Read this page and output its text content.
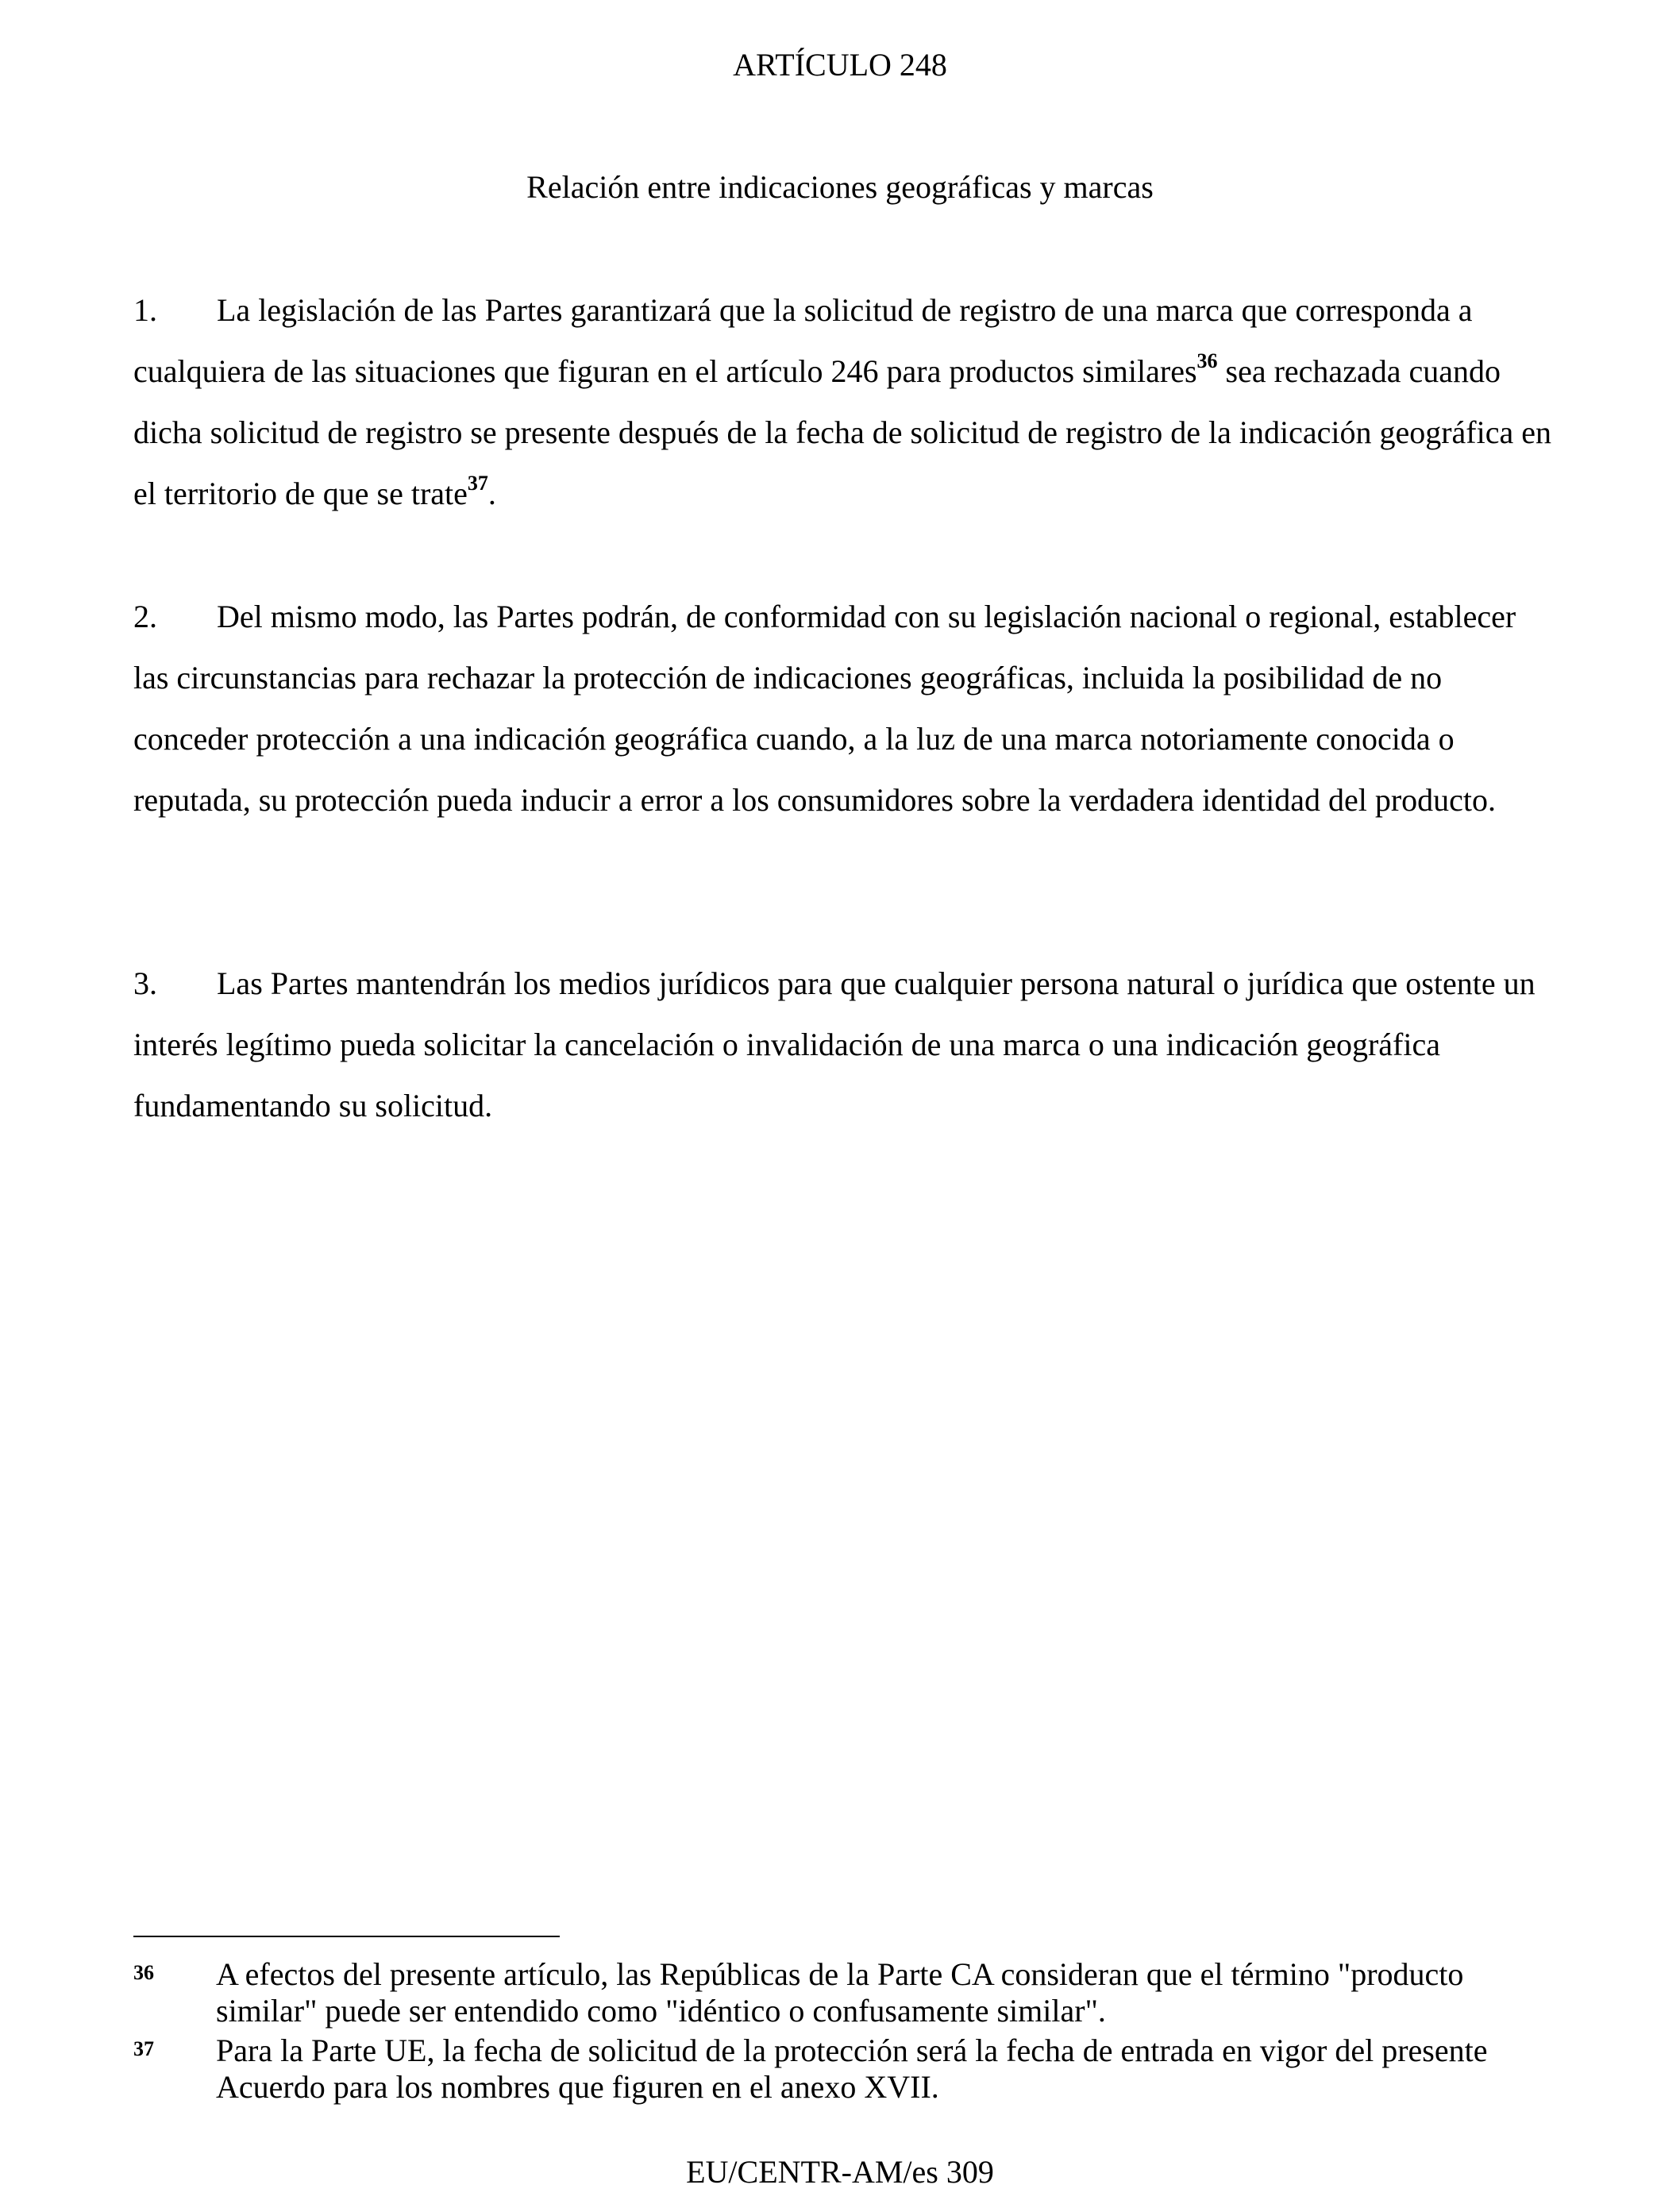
ARTÍCULO 248
Relación entre indicaciones geográficas y marcas

1. La legislación de las Partes garantizará que la solicitud de registro de una marca que corresponda a cualquiera de las situaciones que figuran en el artículo 246 para productos similares$^{36}$ sea rechazada cuando dicha solicitud de registro se presente después de la fecha de solicitud de registro de la indicación geográfica en el territorio de que se trate$^{37}$.

2. Del mismo modo, las Partes podrán, de conformidad con su legislación nacional o regional, establecer las circunstancias para rechazar la protección de indicaciones geográficas, incluida la posibilidad de no conceder protección a una indicación geográfica cuando, a la luz de una marca notoriamente conocida o reputada, su protección pueda inducir a error a los consumidores sobre la verdadera identidad del producto.

3. Las Partes mantendrán los medios jurídicos para que cualquier persona natural o jurídica que ostente un interés legítimo pueda solicitar la cancelación o invalidación de una marca o una indicación geográfica fundamentando su solicitud.

36 A efectos del presente artículo, las Repúblicas de la Parte CA consideran que el término "producto similar" puede ser entendido como "idéntico o confusamente similar".
37 Para la Parte UE, la fecha de solicitud de la protección será la fecha de entrada en vigor del presente Acuerdo para los nombres que figuren en el anexo XVII.
EU/CENTR-AM/es 309
